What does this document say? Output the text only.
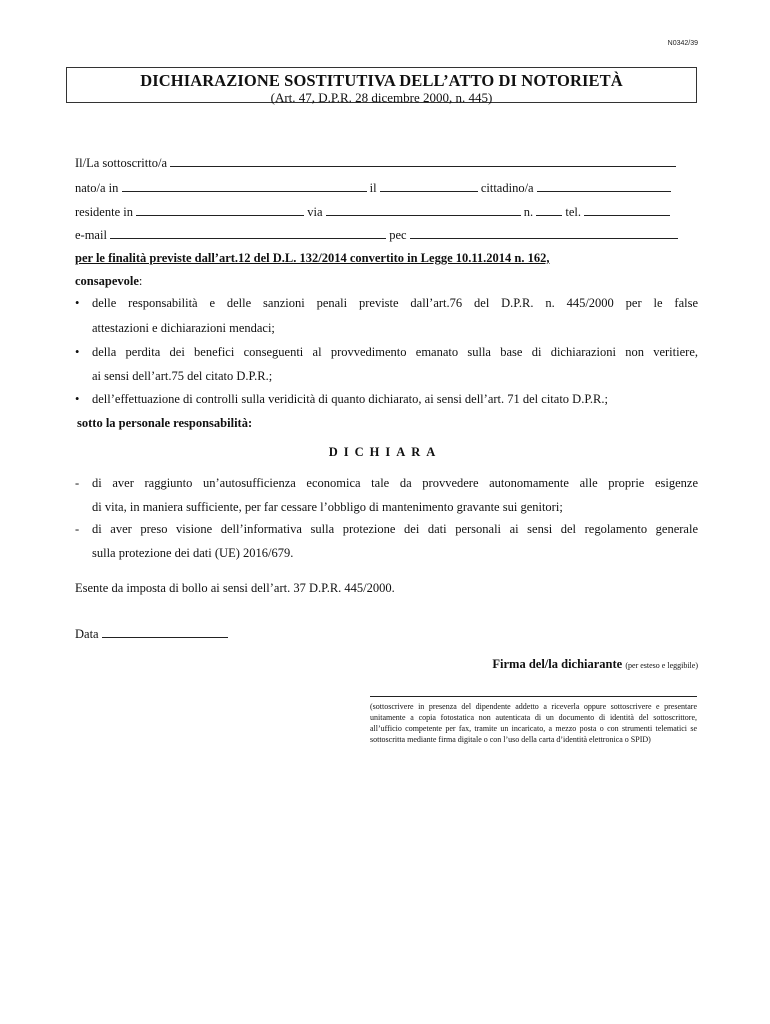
N0342/39
DICHIARAZIONE SOSTITUTIVA DELL’ATTO DI NOTORIETÀ
(Art. 47, D.P.R. 28 dicembre 2000, n. 445)
Il/La sottoscritto/a
nato/a in	il	cittadino/a
residente in	via	n.	tel.
e-mail	pec
per le finalità previste dall’art.12 del D.L. 132/2014 convertito in Legge 10.11.2014 n. 162,
consapevole:
• delle responsabilità e delle sanzioni penali previste dall’art.76 del D.P.R. n. 445/2000 per le false
attestazioni e dichiarazioni mendaci;
• della perdita dei benefici conseguenti al provvedimento emanato sulla base di dichiarazioni non veritiere,
ai sensi dell’art.75 del citato D.P.R.;
• dell’effettuazione di controlli sulla veridicità di quanto dichiarato, ai sensi dell’art. 71 del citato D.P.R.;
sotto la personale responsabilità:
DICHIARA
- di aver raggiunto un’autosufficienza economica tale da provvedere autonomamente alle proprie esigenze
di vita, in maniera sufficiente, per far cessare l’obbligo di mantenimento gravante sui genitori;
- di aver preso visione dell’informativa sulla protezione dei dati personali ai sensi del regolamento generale
sulla protezione dei dati (UE) 2016/679.
Esente da imposta di bollo ai sensi dell’art. 37 D.P.R. 445/2000.
Data
Firma del/la dichiarante (per esteso e leggibile)
(sottoscrivere in presenza del dipendente addetto a riceverla oppure sottoscrivere e presentare unitamente a copia fotostatica non autenticata di un documento di identità del sottoscrittore, all’ufficio competente per fax, tramite un incaricato, a mezzo posta o con strumenti telematici se sottoscritta mediante firma digitale o con l’uso della carta d’identità elettronica o SPID)
